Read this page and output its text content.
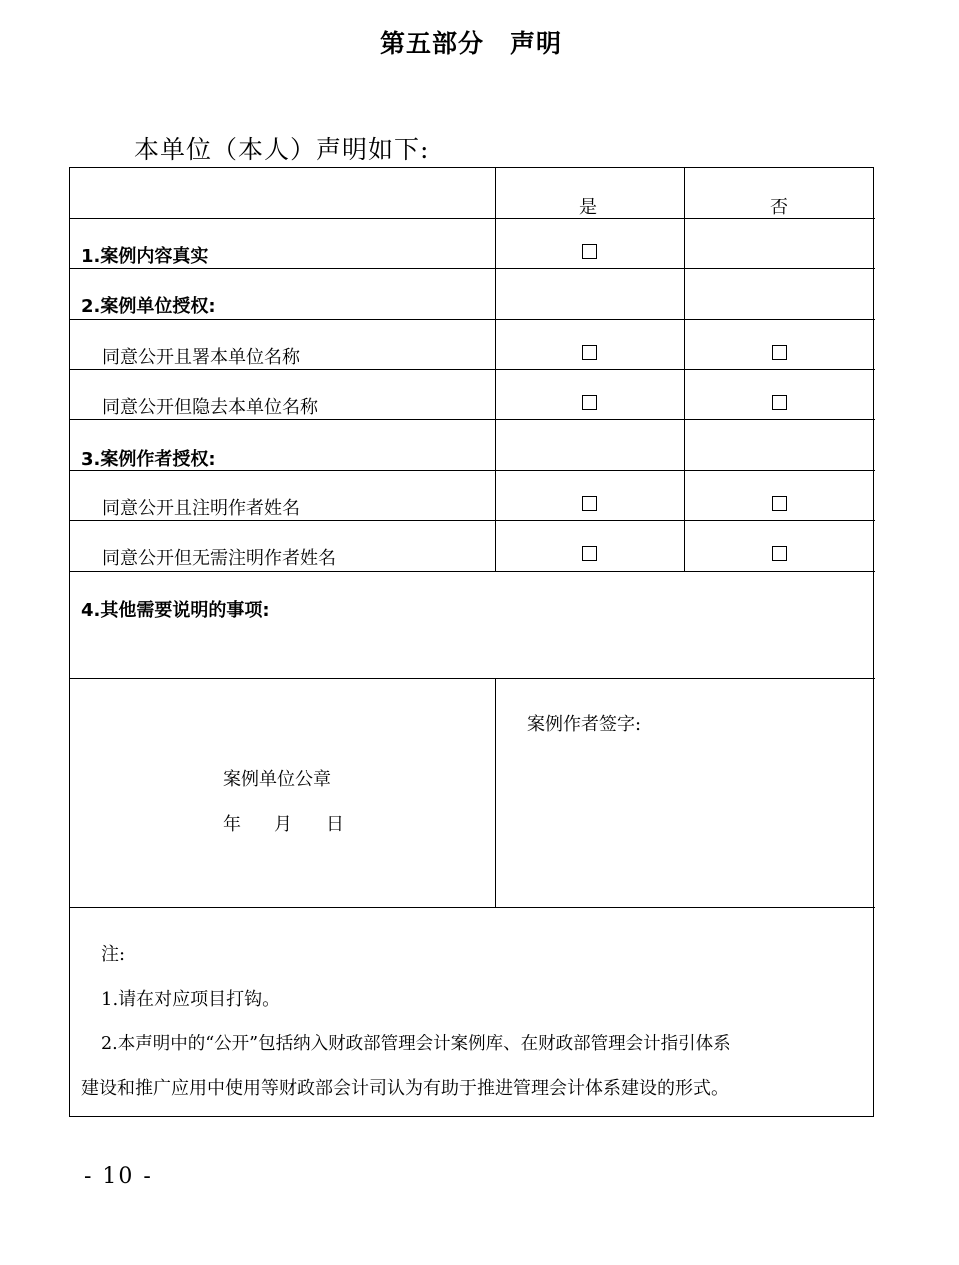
第五部分　声明
本单位（本人）声明如下:
是	否
1.案例内容真实
2.案例单位授权:
同意公开且署本单位名称
同意公开但隐去本单位名称
3.案例作者授权:
同意公开且注明作者姓名
同意公开但无需注明作者姓名
4.其他需要说明的事项:
案例单位公章
年 月 日
案例作者签字:
注:
1.请在对应项目打钩。
2.本声明中的“公开”包括纳入财政部管理会计案例库、在财政部管理会计指引体系
建设和推广应用中使用等财政部会计司认为有助于推进管理会计体系建设的形式。
- 10 -
